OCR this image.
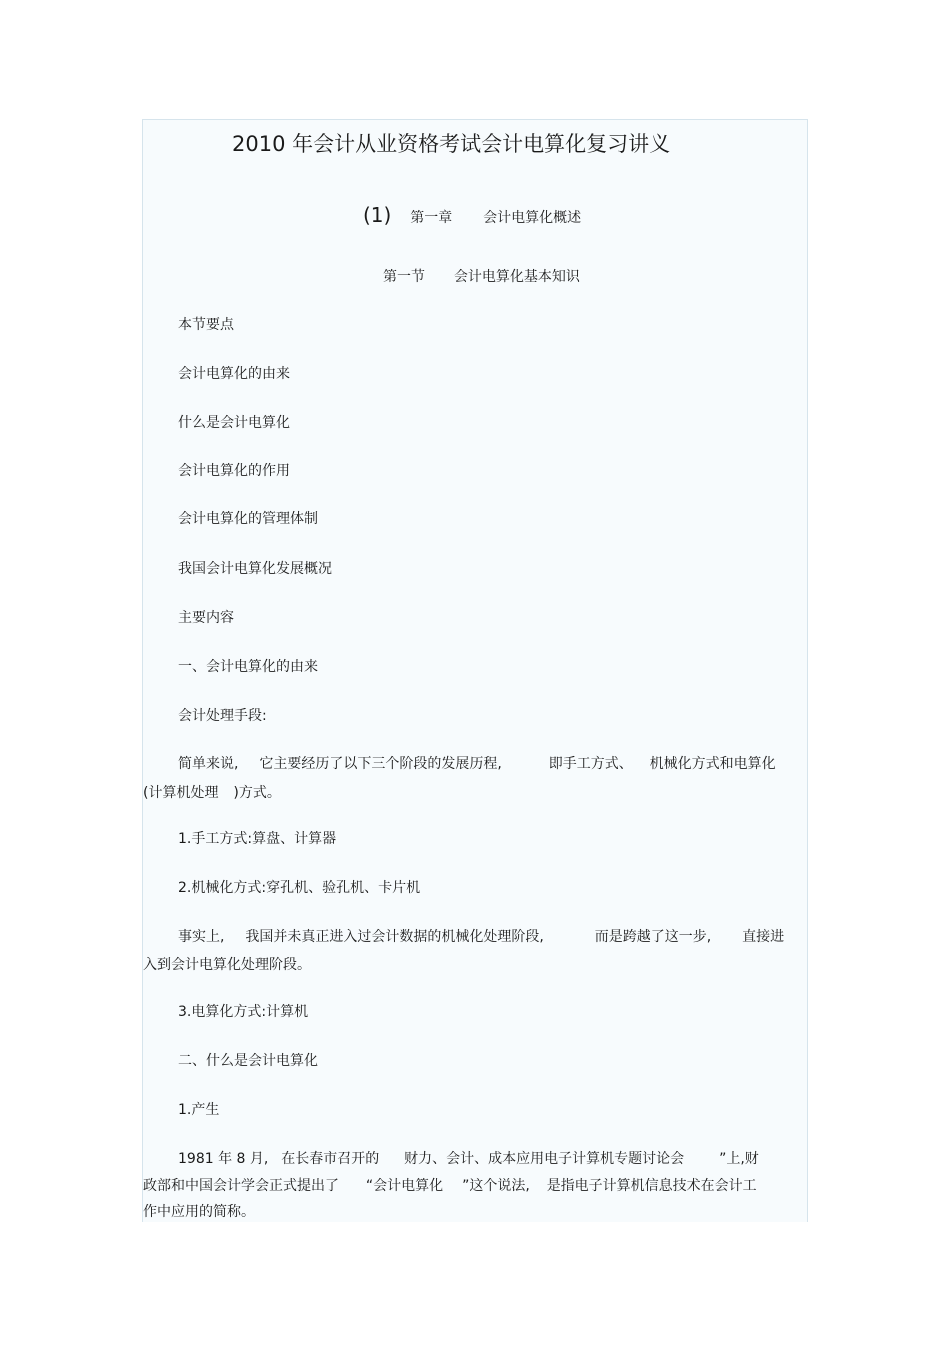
2010 年会计从业资格考试会计电算化复习讲义
(1) 第一章 会计电算化概述
第一节 会计电算化基本知识
本节要点
会计电算化的由来
什么是会计电算化
会计电算化的作用
会计电算化的管理体制
我国会计电算化发展概况
主要内容
一、会计电算化的由来
会计处理手段:
简单来说, 它主要经历了以下三个阶段的发展历程,	即手工方式、 机械化方式和电算化
(计算机处理 )方式。
1.手工方式:算盘、计算器
2.机械化方式:穿孔机、验孔机、卡片机
事实上, 我国并未真正进入过会计数据的机械化处理阶段,	而是跨越了这一步, 直接进
入到会计电算化处理阶段。
3.电算化方式:计算机
二、什么是会计电算化
1.产生
1981 年 8 月, 在长春市召开的 财力、会计、成本应用电子计算机专题讨论会 ”上,财
政部和中国会计学会正式提出了 “会计电算化 ”这个说法, 是指电子计算机信息技术在会计工
作中应用的简称。
